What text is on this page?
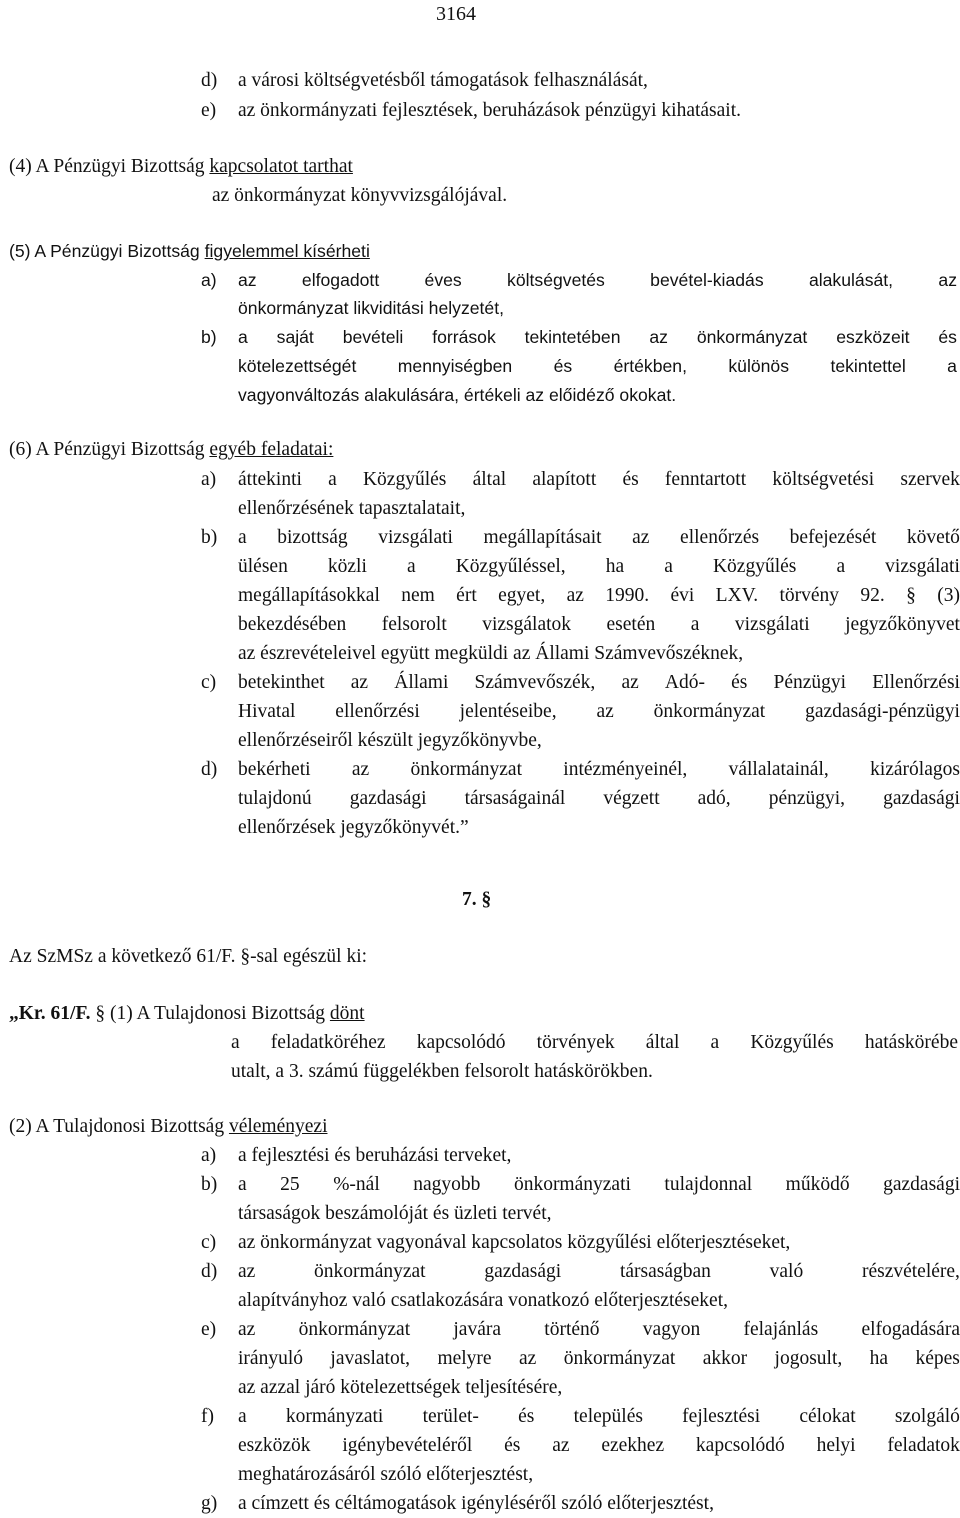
3164
d) a városi költségvetésből támogatások felhasználását,
e) az önkormányzati fejlesztések, beruházások pénzügyi kihatásait.
(4) A Pénzügyi Bizottság kapcsolatot tarthat
az önkormányzat könyvvizsgálójával.
(5) A Pénzügyi Bizottság figyelemmel kísérheti
a) az	elfogadott	éves	költségvetés	bevétel-kiadás	alakulását,	az
önkormányzat likviditási helyzetét,
b) a saját bevételi források tekintetében az önkormányzat eszközeit és
kötelezettségét mennyiségben és értékben, különös tekintettel a
vagyonváltozás alakulására, értékeli az előidéző okokat.
(6) A Pénzügyi Bizottság egyéb feladatai:
a) áttekinti a Közgyűlés által alapított és fenntartott költségvetési szervek
ellenőrzésének tapasztalatait,
b) a bizottság vizsgálati megállapításait az ellenőrzés befejezését követő
ülésen közli a Közgyűléssel, ha a Közgyűlés a vizsgálati
megállapításokkal nem ért egyet, az 1990. évi LXV. törvény 92. § (3)
bekezdésében felsorolt vizsgálatok esetén a vizsgálati jegyzőkönyvet
az észrevételeivel együtt megküldi az Állami Számvevőszéknek,
c) betekinthet az Állami Számvevőszék, az Adó- és Pénzügyi Ellenőrzési
Hivatal ellenőrzési jelentéseibe, az önkormányzat gazdasági-pénzügyi
ellenőrzéseiről készült jegyzőkönyvbe,
d) bekérheti az önkormányzat intézményeinél, vállalatainál, kizárólagos
tulajdonú gazdasági társaságainál végzett adó, pénzügyi, gazdasági
ellenőrzések jegyzőkönyvét.”
7. §
Az SzMSz a következő 61/F. §-sal egészül ki:
„Kr. 61/F. § (1) A Tulajdonosi Bizottság dönt
a feladatköréhez kapcsolódó törvények által a Közgyűlés hatáskörébe
utalt, a 3. számú függelékben felsorolt hatáskörökben.
(2) A Tulajdonosi Bizottság véleményezi
a) a fejlesztési és beruházási terveket,
b) a 25 %-nál nagyobb önkormányzati tulajdonnal működő gazdasági
társaságok beszámolóját és üzleti tervét,
c) az önkormányzat vagyonával kapcsolatos közgyűlési előterjesztéseket,
d) az	önkormányzat	gazdasági	társaságban	való	részvételére,
alapítványhoz való csatlakozására vonatkozó előterjesztéseket,
e) az önkormányzat javára történő vagyon felajánlás elfogadására
irányuló javaslatot, melyre az önkormányzat akkor jogosult, ha képes
az azzal járó kötelezettségek teljesítésére,
f) a kormányzati terület- és település fejlesztési célokat szolgáló
eszközök igénybevételéről és az ezekhez kapcsolódó helyi feladatok
meghatározásáról szóló előterjesztést,
g) a címzett és céltámogatások igényléséről szóló előterjesztést,
